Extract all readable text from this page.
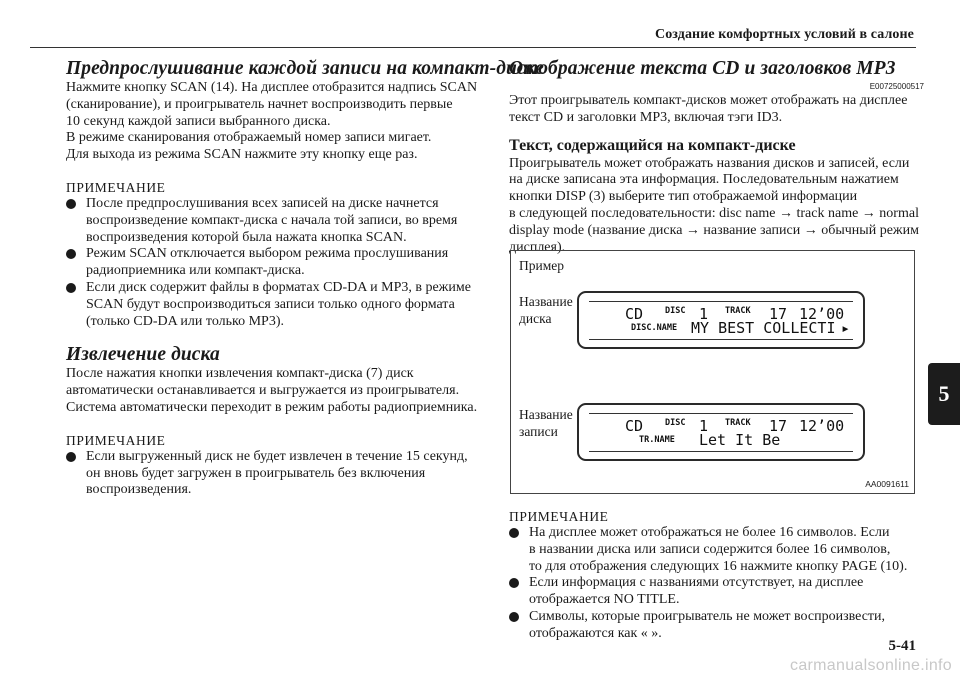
Создание комфортных условий в салоне
Предпрослушивание каждой записи на компакт-диске
Нажмите кнопку SCAN (14). На дисплее отобразится надпись SCAN
(сканирование), и проигрыватель начнет воспроизводить первые
10 секунд каждой записи выбранного диска.
В режиме сканирования отображаемый номер записи мигает.
Для выхода из режима SCAN нажмите эту кнопку еще раз.
ПРИМЕЧАНИЕ
После предпрослушивания всех записей на диске начнется
воспроизведение компакт-диска с начала той записи, во время
воспроизведения которой была нажата кнопка SCAN.
Режим SCAN отключается выбором режима прослушивания
радиоприемника или компакт-диска.
Если диск содержит файлы в форматах CD-DA и MP3, в режиме
SCAN будут воспроизводиться записи только одного формата
(только CD-DA или только MP3).
Извлечение диска
После нажатия кнопки извлечения компакт-диска (7) диск
автоматически останавливается и выгружается из проигрывателя.
Система автоматически переходит в режим работы радиоприемника.
ПРИМЕЧАНИЕ
Если выгруженный диск не будет извлечен в течение 15 секунд,
он вновь будет загружен в проигрыватель без включения
воспроизведения.
Отображение текста CD и заголовков MP3
E00725000517
Этот проигрыватель компакт-дисков может отображать на дисплее
текст CD и заголовки MP3, включая тэги ID3.
Текст, содержащийся на компакт-диске
Проигрыватель может отображать названия дисков и записей, если
на диске записана эта информация. Последовательным нажатием
кнопки DISP (3) выберите тип отображаемой информации
в следующей последовательности: disc name → track name → normal
display mode (название диска → название записи → обычный режим
дисплея).
Пример
Название
диска
Название
записи
CD	DISC 1 TRACK 17 12’00
DISC.NAME MY BEST COLLECTI ▸
CD	DISC 1 TRACK 17 12’00
TR.NAME Let It Be
AA0091611
ПРИМЕЧАНИЕ
На дисплее может отображаться не более 16 символов. Если
в названии диска или записи содержится более 16 символов,
то для отображения следующих 16 нажмите кнопку PAGE (10).
Если информация с названиями отсутствует, на дисплее
отображается NO TITLE.
Символы, которые проигрыватель не может воспроизвести,
отображаются как « ».
5
5-41
carmanualsonline.info
